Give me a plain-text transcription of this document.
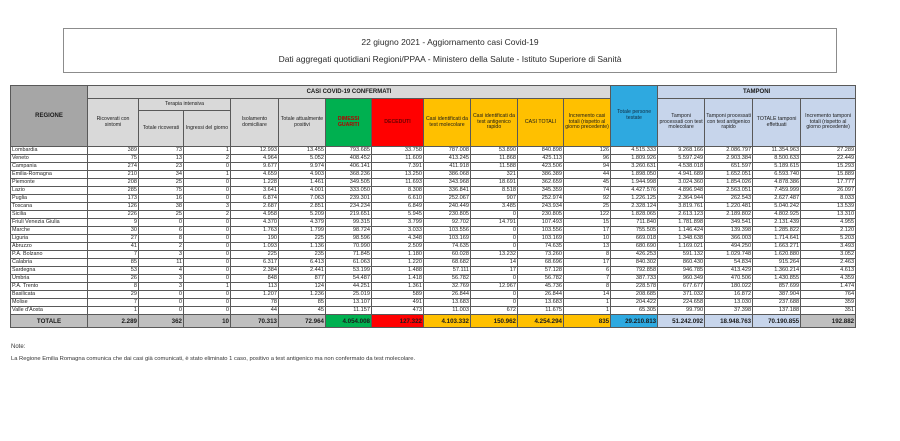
22 giugno 2021 - Aggiornamento casi Covid-19
Dati aggregati quotidiani Regioni/PPAA - Ministero della Salute - Istituto Superiore di Sanità
REGIONE	CASI COVID-19 CONFERMATI											Totale persone testate	TAMPONI			
	Ricoverati con sintomi	Terapia intensiva		Isolamento domiciliare	Totale attualmente positivi	DIMESSI GUARITI	DECEDUTI	Casi identificati da test molecolare	Casi identificati da test antigenico rapido	CASI TOTALI	Incremento casi totali (rispetto al giorno precedente)		Tamponi processati con test molecolare	Tamponi processati con test antigenico rapido	TOTALE tamponi effettuati	Incremento tamponi totali (rispetto al giorno precedente)
		Totale ricoverati	Ingressi del giorno													
Lombardia	389	73	1	12.993	13.455	793.685	33.758	787.008	53.890	840.898	126	4.515.333	9.268.166	2.086.797	11.354.963	27.289
Veneto	75	13	2	4.964	5.052	408.452	11.609	413.245	11.868	425.113	96	1.809.926	5.597.249	2.903.384	8.500.633	22.449
Campania	274	23	0	9.677	9.974	406.141	7.391	411.918	11.588	423.506	94	3.260.631	4.538.018	651.597	5.189.615	15.293
Emilia-Romagna	210	34	1	4.659	4.903	368.236	13.250	386.068	321	386.389	44	1.898.050	4.941.689	1.652.051	6.593.740	15.889
Piemonte	208	25	0	1.228	1.461	349.505	11.693	343.968	18.691	362.659	45	1.944.998	3.024.360	1.854.026	4.878.386	17.777
Lazio	285	75	0	3.641	4.001	333.050	8.308	336.841	8.518	345.359	74	4.427.576	4.896.948	2.563.051	7.459.999	26.097
Puglia	173	16	0	6.874	7.063	239.301	6.610	252.067	907	252.974	92	1.226.125	2.364.944	262.543	2.627.487	8.033
Toscana	126	38	3	2.687	2.851	234.234	6.849	240.449	3.485	243.934	25	2.328.124	3.819.761	1.220.481	5.040.242	13.539
Sicilia	226	25	2	4.958	5.209	219.651	5.945	230.805	0	230.805	122	1.828.065	2.613.123	2.189.802	4.802.925	13.310
Friuli Venezia Giulia	9	0	0	4.370	4.379	99.315	3.799	92.702	14.791	107.493	15	711.840	1.781.898	349.541	2.131.439	4.955
Marche	30	6	0	1.763	1.799	98.724	3.033	103.556	0	103.556	17	755.505	1.146.424	139.398	1.285.822	2.120
Liguria	27	8	0	190	225	98.596	4.348	103.169	0	103.169	10	669.018	1.348.638	366.003	1.714.641	5.203
Abruzzo	41	2	0	1.093	1.136	70.990	2.509	74.635	0	74.635	13	680.690	1.169.021	494.250	1.663.271	3.493
P.A. Bolzano	7	3	0	225	235	71.845	1.180	60.028	13.232	73.260	8	426.253	591.132	1.029.748	1.620.880	3.052
Calabria	85	11	0	6.317	6.413	61.063	1.220	68.682	14	68.696	17	840.302	860.430	54.834	915.264	2.463
Sardegna	53	4	0	2.384	2.441	53.199	1.488	57.111	17	57.128	6	792.858	946.785	413.429	1.360.214	4.613
Umbria	26	3	0	848	877	54.487	1.418	56.782	0	56.782	7	387.733	960.349	470.506	1.430.855	4.359
P.A. Trento	8	3	1	113	124	44.251	1.361	32.769	12.967	45.736	8	228.578	677.677	180.022	857.699	1.474
Basilicata	29	0	0	1.207	1.236	25.019	589	26.844	0	26.844	14	208.685	371.032	16.872	387.904	764
Molise	7	0	0	78	85	13.107	491	13.683	0	13.683	1	204.422	224.658	13.030	237.688	359
Valle d'Aosta	1	0	0	44	45	11.157	473	11.003	672	11.675	1	65.305	99.790	37.398	137.188	351
TOTALE	2.289	362	10	70.313	72.964	4.054.008	127.322	4.103.332	150.962	4.254.294	835	29.210.813	51.242.092	18.948.763	70.190.855	192.882
Note:
La Regione Emilia Romagna comunica che dai casi già comunicati, è stato eliminato 1 caso, positivo a test antigenico ma non confermato da test molecolare.
